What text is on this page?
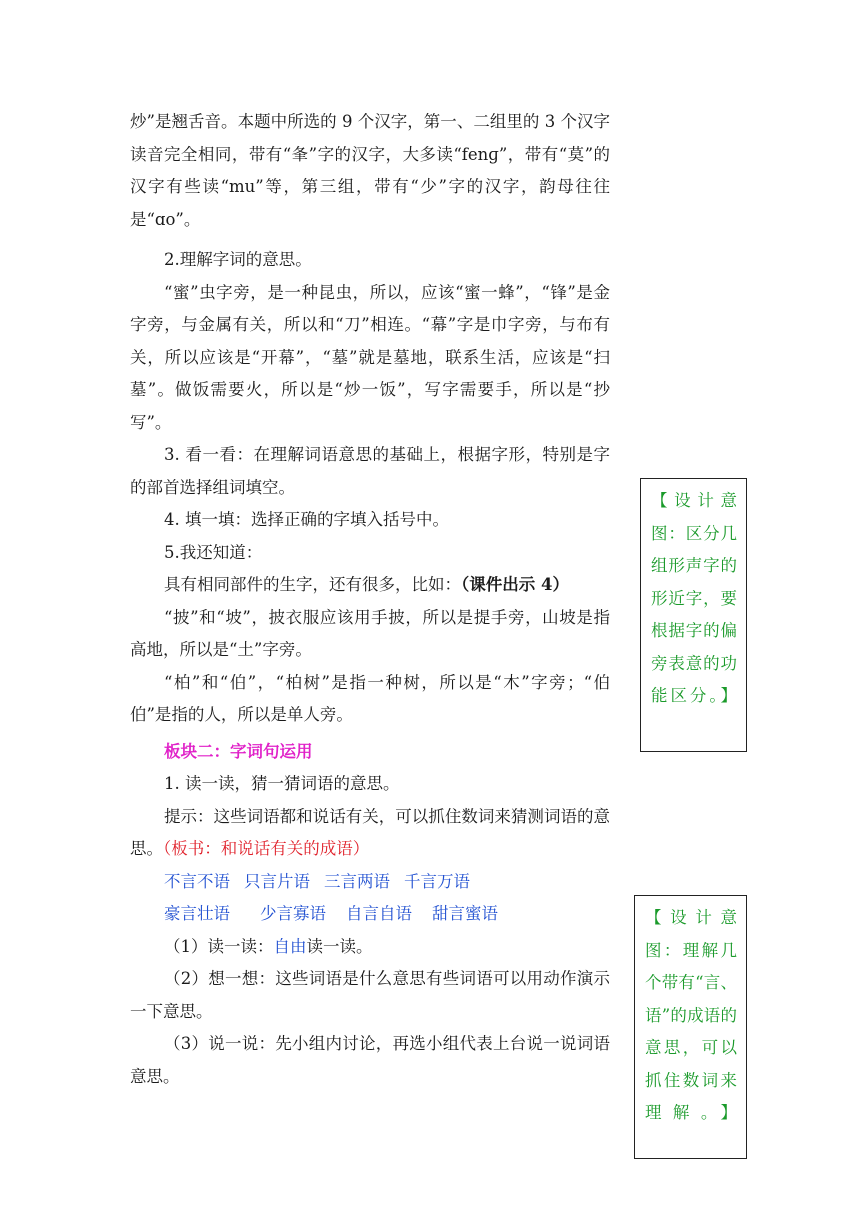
炒”是翘舌音。本题中所选的 9 个汉字，第一、二组里的 3 个汉字读音完全相同，带有“夆”字的汉字，大多读“fenɡ”，带有“莫”的汉字有些读“mu”等，第三组，带有“少”字的汉字，韵母往往是“ɑo”。

2.理解字词的意思。

“蜜”虫字旁，是一种昆虫，所以，应该“蜜一蜂”，“锋”是金字旁，与金属有关，所以和“刀”相连。“幕”字是巾字旁，与布有关，所以应该是“开幕”，“墓”就是墓地，联系生活，应该是“扫墓”。做饭需要火，所以是“炒一饭”，写字需要手，所以是“抄写”。

3. 看一看：在理解词语意思的基础上，根据字形，特别是字的部首选择组词填空。

4. 填一填：选择正确的字填入括号中。

5.我还知道：

具有相同部件的生字，还有很多，比如：（课件出示 4）

“披”和“坡”，披衣服应该用手披，所以是提手旁，山坡是指高地，所以是“土”字旁。

“柏”和“伯”，“柏树”是指一种树，所以是“木”字旁；“伯伯”是指的人，所以是单人旁。

板块二：字词句运用

1. 读一读，猜一猜词语的意思。

提示：这些词语都和说话有关，可以抓住数词来猜测词语的意思。（板书：和说话有关的成语）

不言不语 只言片语 三言两语 千言万语

豪言壮语 少言寡语 自言自语 甜言蜜语

（1）读一读：自由读一读。

（2）想一想：这些词语是什么意思有些词语可以用动作演示一下意思。

（3）说一说：先小组内讨论，再选小组代表上台说一说词语意思。

【设计意图：区分几组形声字的形近字，要根据字的偏旁表意的功能区分。】
【设计意图：理解几个带有“言、语”的成语的意思，可以抓住数词来理解。】
